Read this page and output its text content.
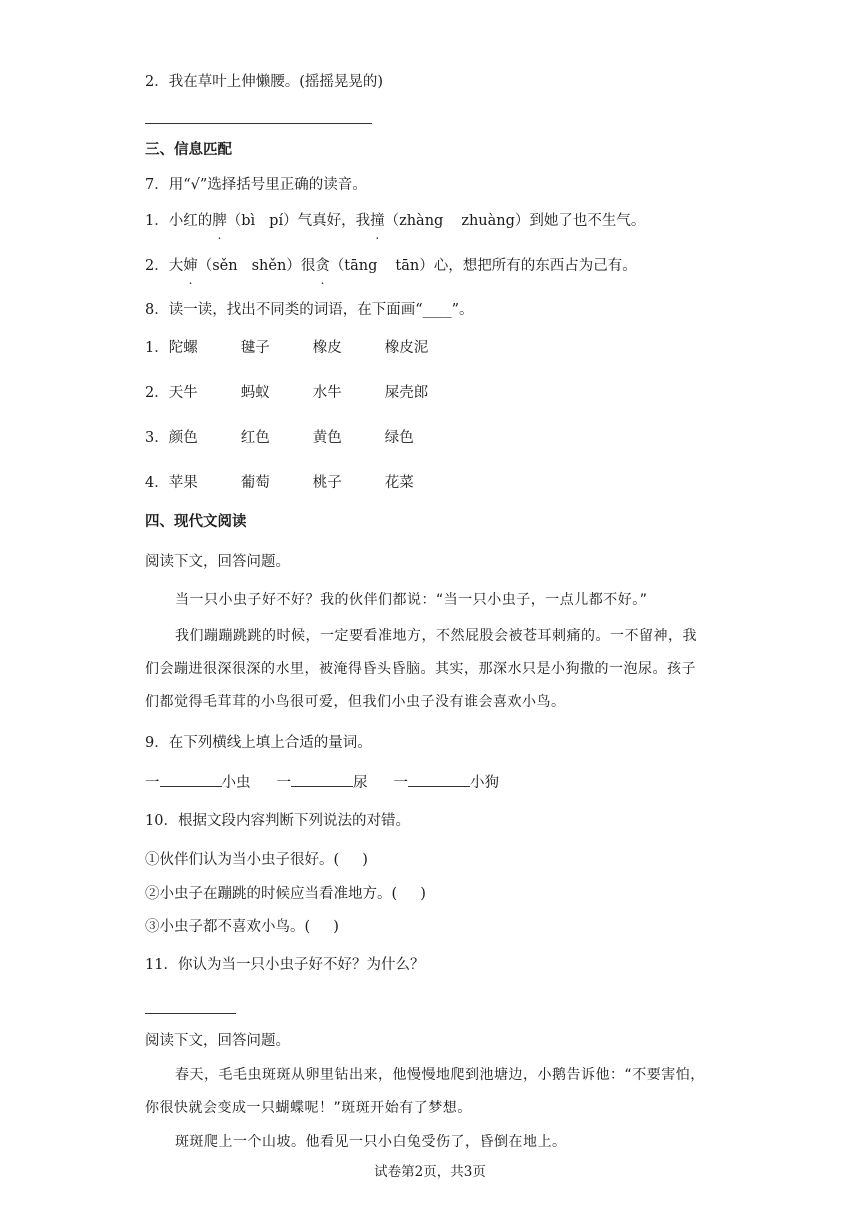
2．我在草叶上伸懒腰。(摇摇晃晃的)
三、信息匹配
7．用“√”选择括号里正确的读音。
1．小红的脾（bì pí）气真好，我撞（zhàng zhuàng）到她了也不生气。
2．大婶（sěn shěn）很贪（tāng tān）心，想把所有的东西占为己有。
8．读一读，找出不同类的词语，在下面画“____”。
1．陀螺	毽子	橡皮	橡皮泥
2．天牛	蚂蚁	水牛	屎壳郎
3．颜色	红色	黄色	绿色
4．苹果	葡萄	桃子	花菜
四、现代文阅读
阅读下文，回答问题。
当一只小虫子好不好？我的伙伴们都说：“当一只小虫子，一点儿都不好。”
我们蹦蹦跳跳的时候，一定要看准地方，不然屁股会被苍耳刺痛的。一不留神，我
们会蹦进很深很深的水里，被淹得昏头昏脑。其实，那深水只是小狗撒的一泡尿。孩子
们都觉得毛茸茸的小鸟很可爱，但我们小虫子没有谁会喜欢小鸟。
9．在下列横线上填上合适的量词。
一	小虫 一	尿 一	小狗
10．根据文段内容判断下列说法的对错。
①伙伴们认为当小虫子很好。(     )
②小虫子在蹦跳的时候应当看准地方。(     )
③小虫子都不喜欢小鸟。(     )
11．你认为当一只小虫子好不好？为什么？
阅读下文，回答问题。
春天，毛毛虫斑斑从卵里钻出来，他慢慢地爬到池塘边，小鹅告诉他：“不要害怕，
你很快就会变成一只蝴蝶呢！”斑斑开始有了梦想。
斑斑爬上一个山坡。他看见一只小白兔受伤了，昏倒在地上。
试卷第2页，共3页
